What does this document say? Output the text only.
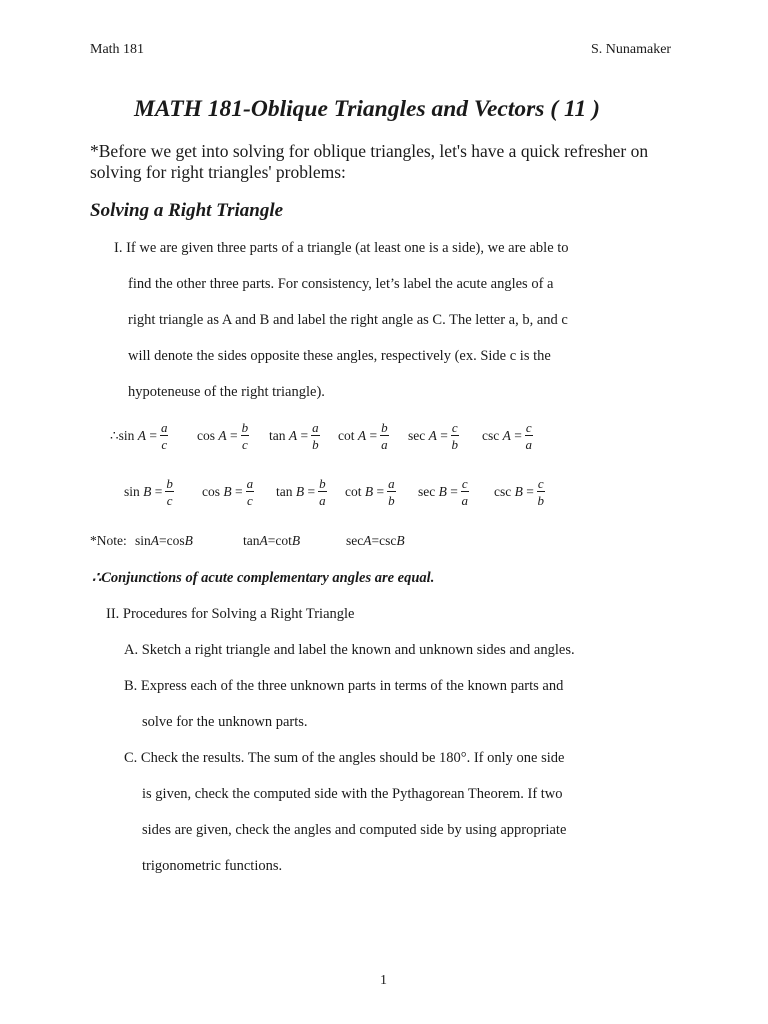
Math 181	S. Nunamaker
MATH 181-Oblique Triangles and Vectors ( 11 )
*Before we get into solving for oblique triangles, let's have a quick refresher on solving for right triangles' problems:
Solving a Right Triangle
I. If we are given three parts of a triangle (at least one is a side), we are able to
find the other three parts. For consistency, let’s label the acute angles of a
right triangle as A and B and label the right angle as C. The letter a, b, and c
will denote the sides opposite these angles, respectively (ex. Side c is the
hypoteneuse of the right triangle).
∴sin $A = \frac{a}{c}$ $\cos A = \frac{b}{c}$ $\tan A = \frac{a}{b}$ $\cot A = \frac{b}{a}$ $\sec A = \frac{c}{b}$ $\csc A = \frac{c}{a}$
$\sin B = \frac{b}{c}$ $\cos B = \frac{a}{c}$ $\tan B = \frac{b}{a}$ $\cot B = \frac{a}{b}$ $\sec B = \frac{c}{a}$ $\csc B = \frac{c}{b}$
*Note: sin A = cos B	tan A = cot B	sec A = csc B
∴Conjunctions of acute complementary angles are equal.
II. Procedures for Solving a Right Triangle
A. Sketch a right triangle and label the known and unknown sides and angles.
B. Express each of the three unknown parts in terms of the known parts and
solve for the unknown parts.
C. Check the results. The sum of the angles should be 180°. If only one side
is given, check the computed side with the Pythagorean Theorem. If two
sides are given, check the angles and computed side by using appropriate
trigonometric functions.
1
